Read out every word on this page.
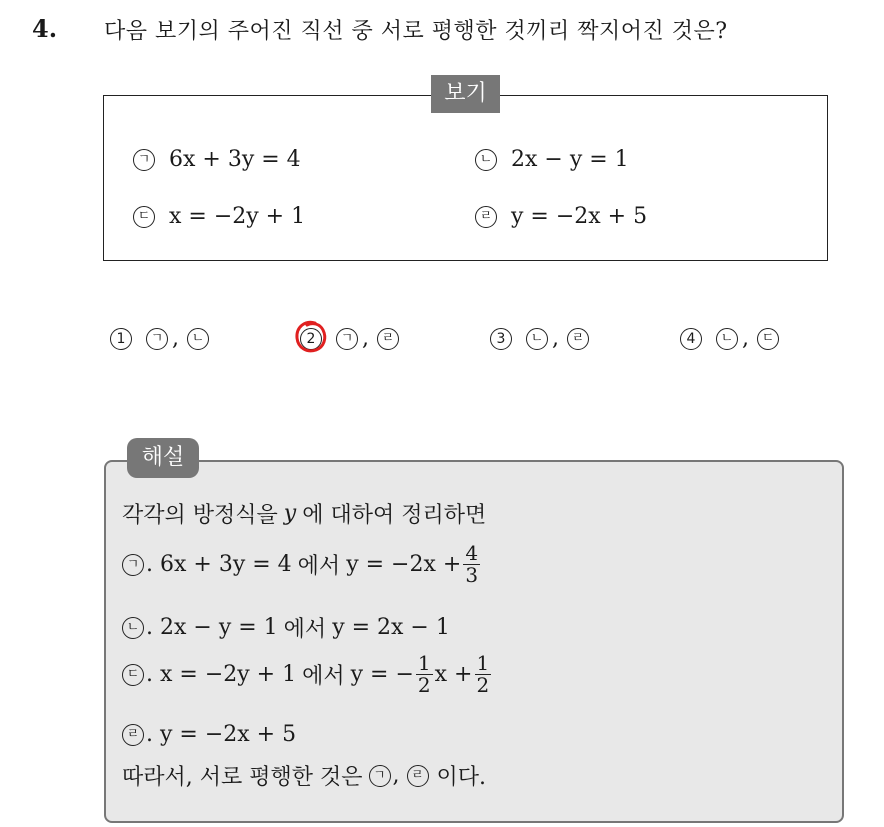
4. 다음 보기의 주어진 직선 중 서로 평행한 것끼리 짝지어진 것은?
보기
ㄱ 6x + 3y = 4	ㄴ 2x − y = 1
ㄷ x = −2y + 1	ㄹ y = −2x + 5
1	ㄱ , ㄴ	2	ㄱ , ㄹ	3	ㄴ , ㄹ	4	ㄴ , ㄷ
해설
각각의 방정식을 y 에 대하여 정리하면
ㄱ . 6x + 3y = 4 에서 $y = -2x + \frac{4}{3}$
ㄴ . 2x − y = 1 에서 y = 2x − 1
ㄷ . x = −2y + 1 에서 y = − $\frac{1}{2}$ $x + \frac{1}{2}$
ㄹ . y = −2x + 5
따라서, 서로 평행한 것은 ㄱ , ㄹ 이다.
